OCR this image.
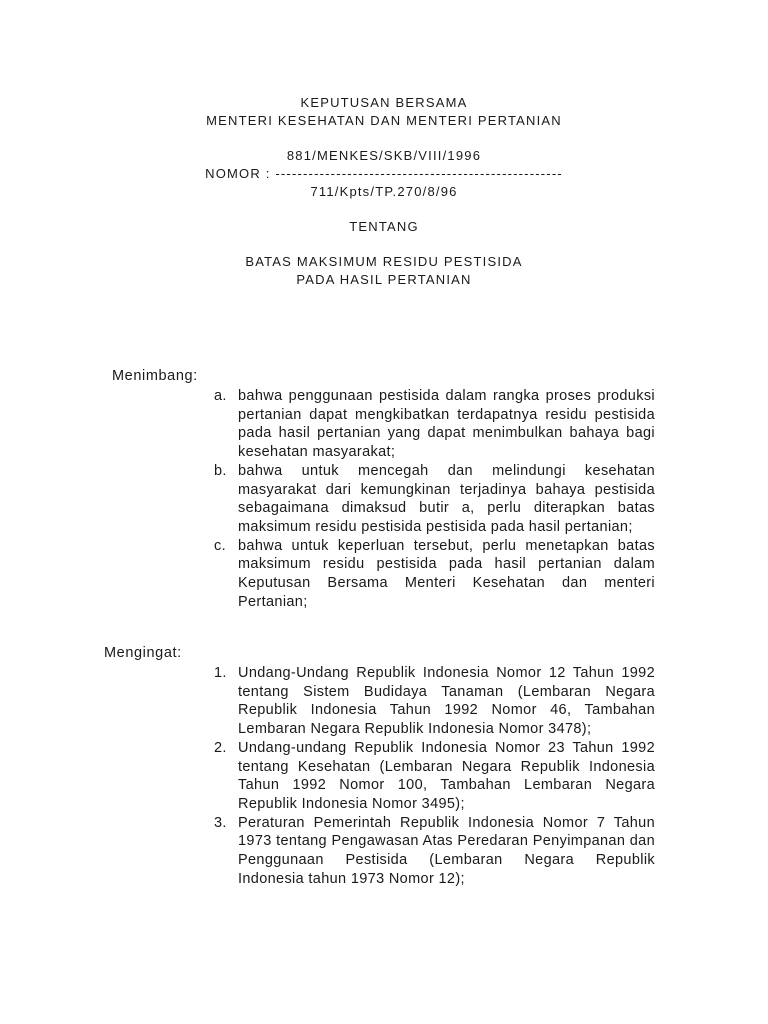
KEPUTUSAN BERSAMA
MENTERI KESEHATAN DAN MENTERI PERTANIAN
881/MENKES/SKB/VIII/1996
NOMOR : ----------------------------------------------------
711/Kpts/TP.270/8/96
TENTANG
BATAS MAKSIMUM RESIDU PESTISIDA
PADA HASIL PERTANIAN
Menimbang:
a. bahwa penggunaan pestisida dalam rangka proses produksi pertanian dapat mengkibatkan terdapatnya residu pestisida pada hasil pertanian yang dapat menimbulkan bahaya bagi kesehatan masyarakat;
b. bahwa untuk mencegah dan melindungi kesehatan masyarakat dari kemungkinan terjadinya bahaya pestisida sebagaimana dimaksud butir a, perlu diterapkan batas maksimum residu pestisida pestisida pada hasil pertanian;
c. bahwa untuk keperluan tersebut, perlu menetapkan batas maksimum residu pestisida pada hasil pertanian dalam Keputusan Bersama Menteri Kesehatan dan menteri Pertanian;
Mengingat:
1. Undang-Undang Republik Indonesia Nomor 12 Tahun 1992 tentang Sistem Budidaya Tanaman (Lembaran Negara Republik Indonesia Tahun 1992 Nomor 46, Tambahan Lembaran Negara Republik Indonesia Nomor 3478);
2. Undang-undang Republik Indonesia Nomor 23 Tahun 1992 tentang Kesehatan (Lembaran Negara Republik Indonesia Tahun 1992 Nomor 100, Tambahan Lembaran Negara Republik Indonesia Nomor 3495);
3. Peraturan Pemerintah Republik Indonesia Nomor 7 Tahun 1973 tentang Pengawasan Atas Peredaran Penyimpanan dan Penggunaan Pestisida (Lembaran Negara Republik Indonesia tahun 1973 Nomor 12);
